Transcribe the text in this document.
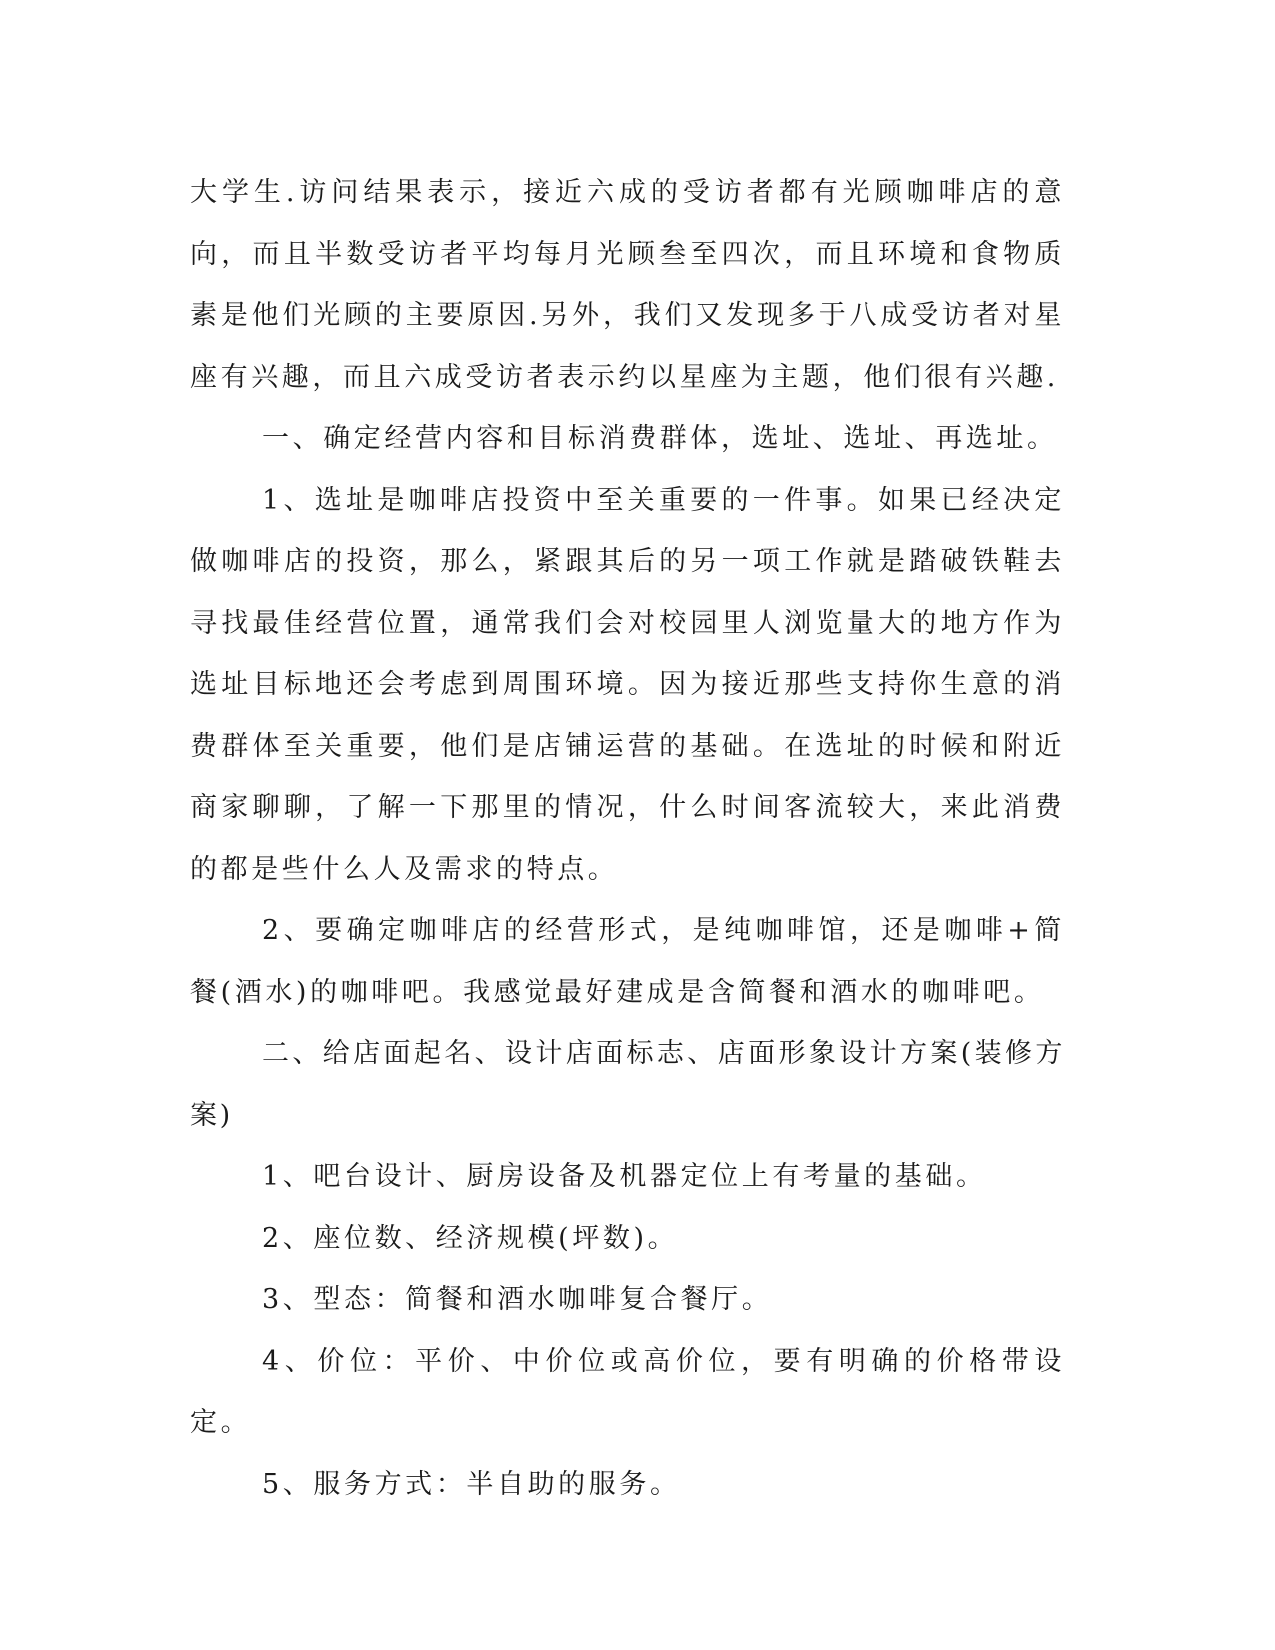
大学生.访问结果表示，接近六成的受访者都有光顾咖啡店的意向，而且半数受访者平均每月光顾叁至四次，而且环境和食物质素是他们光顾的主要原因.另外，我们又发现多于八成受访者对星座有兴趣，而且六成受访者表示约以星座为主题，他们很有兴趣.

一、确定经营内容和目标消费群体，选址、选址、再选址。

1、选址是咖啡店投资中至关重要的一件事。如果已经决定做咖啡店的投资，那么，紧跟其后的另一项工作就是踏破铁鞋去寻找最佳经营位置，通常我们会对校园里人浏览量大的地方作为选址目标地还会考虑到周围环境。因为接近那些支持你生意的消费群体至关重要，他们是店铺运营的基础。在选址的时候和附近商家聊聊，了解一下那里的情况，什么时间客流较大，来此消费的都是些什么人及需求的特点。

2、要确定咖啡店的经营形式，是纯咖啡馆，还是咖啡+简餐(酒水)的咖啡吧。我感觉最好建成是含简餐和酒水的咖啡吧。

二、给店面起名、设计店面标志、店面形象设计方案(装修方案)

1、吧台设计、厨房设备及机器定位上有考量的基础。

2、座位数、经济规模(坪数)。

3、型态：简餐和酒水咖啡复合餐厅。

4、价位：平价、中价位或高价位，要有明确的价格带设定。

5、服务方式：半自助的服务。
